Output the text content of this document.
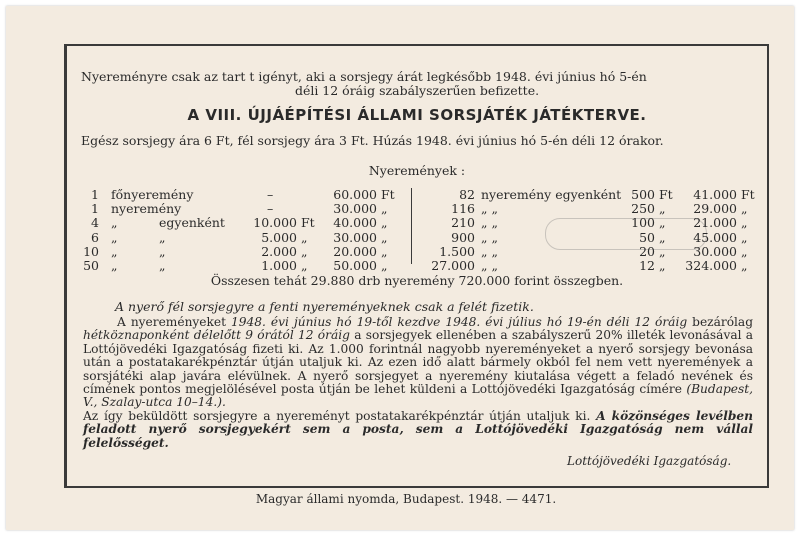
Nyereményre csak az tart t igényt, aki a sorsjegy árát legkésőbb 1948. évi június hó 5-én
déli 12 óráig szabályszerűen befizette.
A VIII. ÚJJÁÉPÍTÉSI ÁLLAMI SORSJÁTÉK JÁTÉKTERVE.
Egész sorsjegy ára 6 Ft, fél sorsjegy ára 3 Ft. Húzás 1948. évi június hó 5-én déli 12 órakor.
Nyeremények :
Összesen tehát 29.880 drb nyeremény 720.000 forint összegben.
A nyerő fél sorsjegyre a fenti nyereményeknek csak a felét fizetik.

A nyereményeket 1948. évi június hó 19-től kezdve 1948. évi július hó 19-én déli 12 óráig bezárólag hétköznaponként délelőtt 9 órától 12 óráig a sorsjegyek ellenében a szabályszerű 20% illeték levonásával a Lottójövedéki Igazgatóság fizeti ki. Az 1.000 forintnál nagyobb nyereményeket a nyerő sorsjegy bevonása után a postatakarékpénztár útján utaljuk ki. Az ezen idő alatt bármely okból fel nem vett nyeremények a sorsjátéki alap javára elévülnek. A nyerő sorsjegyet a nyeremény kiutalása végett a feladó nevének és címének pontos megjelölésével posta útján be lehet küldeni a Lottójövedéki Igazgatóság címére (Budapest, V., Szalay-utca 10–14.).

Az így beküldött sorsjegyre a nyereményt postatakarékpénztár útján utaljuk ki. A közönséges levélben feladott nyerő sorsjegyekért sem a posta, sem a Lottójövedéki Igazgatóság nem vállal felelősséget.

Lottójövedéki Igazgatóság.
1 főnyeremény	–	60.000 Ft
1 nyeremény	–	30.000 „
4 „	egyenként	10.000 Ft	40.000 „
6 „	„	5.000 „	30.000 „
10 „	„	2.000 „	20.000 „
50 „	„	1.000 „	50.000 „
82 nyeremény egyenként 500 Ft	41.000 Ft
116 „ „	250 „	29.000 „
210 „ „	100 „	21.000 „
900 „ „	50 „	45.000 „
1.500 „ „	20 „	30.000 „
27.000 „ „	12 „	324.000 „
Magyar állami nyomda, Budapest. 1948. — 4471.
